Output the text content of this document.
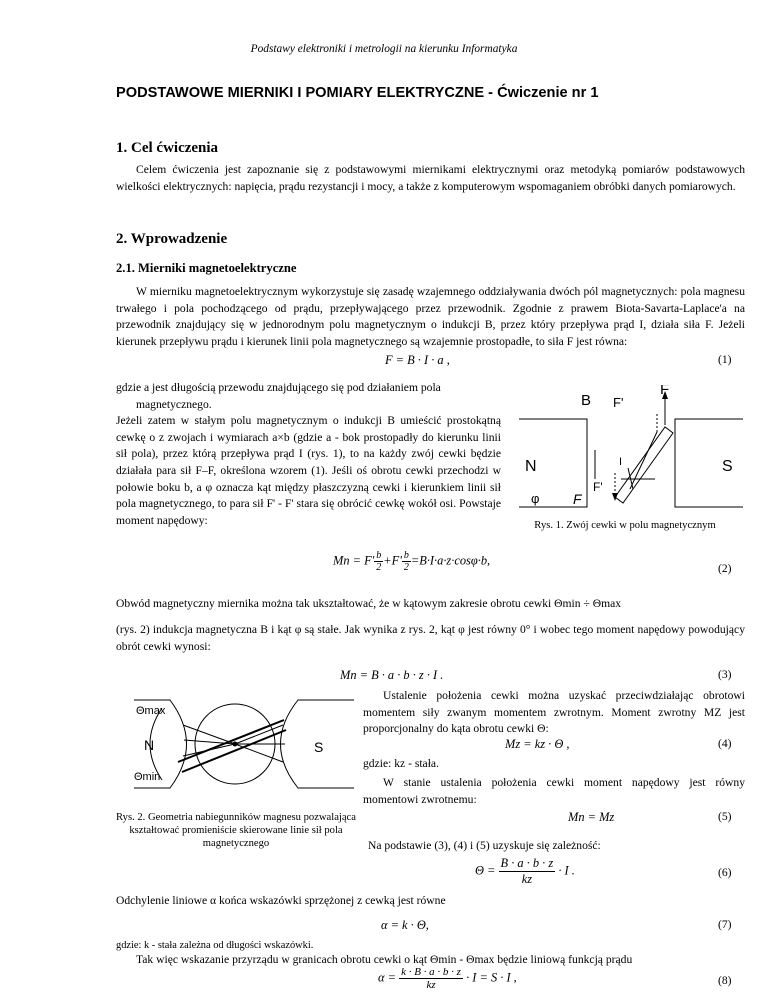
Podstawy elektroniki i metrologii na kierunku Informatyka
PODSTAWOWE MIERNIKI I POMIARY ELEKTRYCZNE - Ćwiczenie nr 1
1. Cel ćwiczenia
Celem ćwiczenia jest zapoznanie się z podstawowymi miernikami elektrycznymi oraz metodyką pomiarów podstawowych wielkości elektrycznych: napięcia, prądu rezystancji i mocy, a także z komputerowym wspomaganiem obróbki danych pomiarowych.
2. Wprowadzenie
2.1. Mierniki magnetoelektryczne
W mierniku magnetoelektrycznym wykorzystuje się zasadę wzajemnego oddziaływania dwóch pól magnetycznych: pola magnesu trwałego i pola pochodzącego od prądu, przepływającego przez przewodnik. Zgodnie z prawem Biota-Savarta-Laplace'a na przewodnik znajdujący się w jednorodnym polu magnetycznym o indukcji B, przez który przepływa prąd I, działa siła F. Jeżeli kierunek przepływu prądu i kierunek linii pola magnetycznego są wzajemnie prostopadłe, to siła F jest równa:
F = B · I · a ,	(1)
gdzie a jest długością przewodu znajdującego się pod działaniem pola
magnetycznego.
Jeżeli zatem w stałym polu magnetycznym o indukcji B umieścić prostokątną cewkę o z zwojach i wymiarach a×b (gdzie a - bok prostopadły do kierunku linii sił pola), przez którą przepływa prąd I (rys. 1), to na każdy zwój cewki będzie działała para sił F–F, określona wzorem (1). Jeśli oś obrotu cewki przechodzi w połowie boku b, a φ oznacza kąt między płaszczyzną cewki i kierunkiem linii sił pola magnetycznego, to para sił F' - F' stara się obrócić cewkę wokół osi. Powstaje moment napędowy:
B
F
F'
N	S
I
F'
F
φ
Rys. 1. Zwój cewki w polu magnetycznym
$Mn = F' \frac{b}{2} +F' \frac{b}{2} =B\cdot I\cdot a\cdot z\cdot\cos\varphi\cdot b$,
(2)
Obwód magnetyczny miernika można tak ukształtować, że w kątowym zakresie obrotu cewki Θmin ÷ Θmax
(rys. 2) indukcja magnetyczna B i kąt φ są stałe. Jak wynika z rys. 2, kąt φ jest równy 0° i wobec tego moment napędowy powodujący obrót cewki wynosi:
Mn = B · a · b · z · I .	(3)
Θmax
N	S
Θmin
Rys. 2. Geometria nabiegunników magnesu pozwalająca kształtować promieniście skierowane linie sił pola magnetycznego
Ustalenie położenia cewki można uzyskać przeciwdziałając obrotowi momentem siły zwanym momentem zwrotnym. Moment zwrotny MZ jest proporcjonalny do kąta obrotu cewki Θ:
Mz = kz · Θ ,	(4)
gdzie: kz - stała.
W stanie ustalenia położenia cewki moment napędowy jest równy momentowi zwrotnemu:
Mn = Mz	(5)
Na podstawie (3), (4) i (5) uzyskuje się zależność:
$\Theta = \frac{B \cdot a \cdot b \cdot z}{kz} \cdot I$ .	(6)
Odchylenie liniowe α końca wskazówki sprzężonej z cewką jest równe
α = k · Θ,	(7)
gdzie: k - stała zależna od długości wskazówki.
Tak więc wskazanie przyrządu w granicach obrotu cewki o kąt Θmin - Θmax będzie liniową funkcją prądu
$\alpha = \frac{k \cdot B \cdot a \cdot b \cdot z}{kz} \cdot I = S \cdot I$ ,	(8)
